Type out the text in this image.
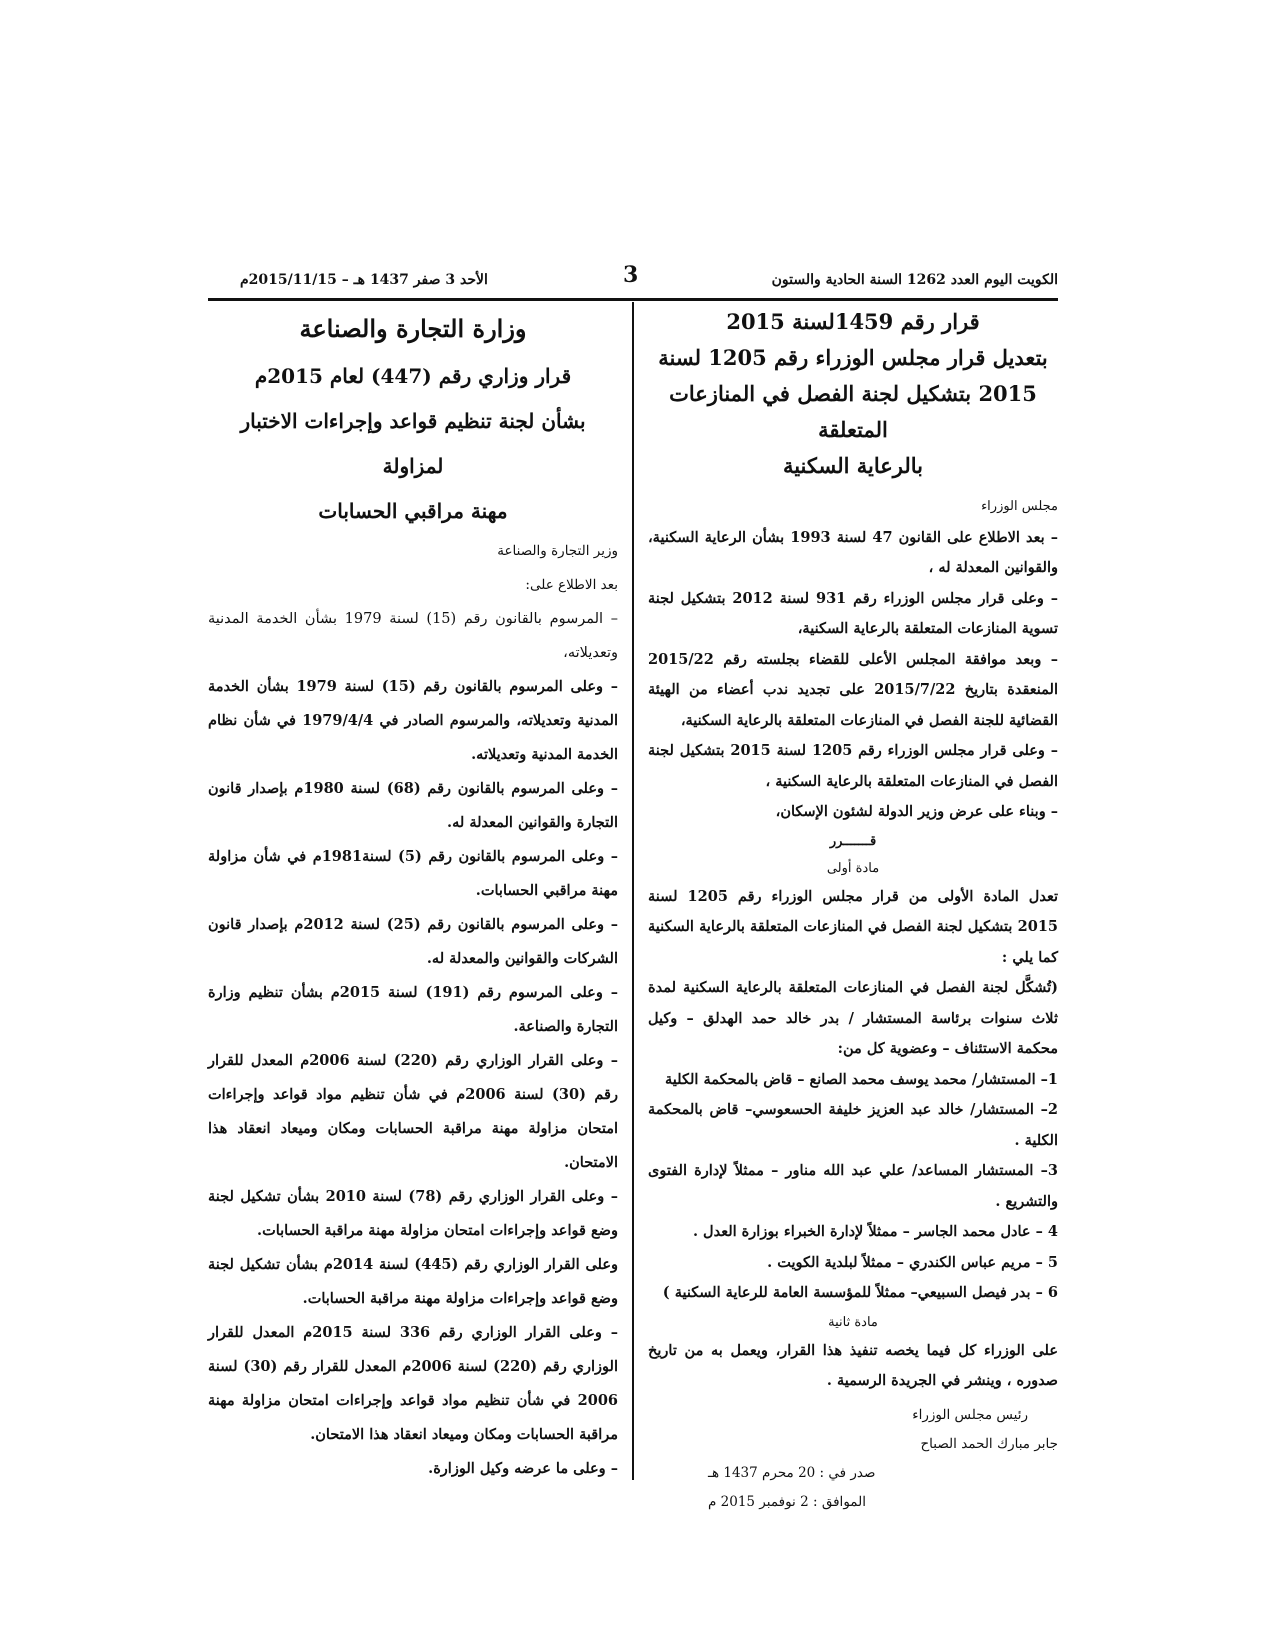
الكويت اليوم العدد 1262 السنة الحادية والستون
3
الأحد 3 صفر 1437 هـ – 2015/11/15م

قرار رقم 1459لسنة 2015

بتعديل قرار مجلس الوزراء رقم 1205 لسنة

2015 بتشكيل لجنة الفصل في المنازعات المتعلقة

بالرعاية السكنية

مجلس الوزراء

– بعد الاطلاع على القانون 47 لسنة 1993 بشأن الرعاية السكنية، والقوانين المعدلة له ،

– وعلى قرار مجلس الوزراء رقم 931 لسنة 2012 بتشكيل لجنة تسوية المنازعات المتعلقة بالرعاية السكنية،

– وبعد موافقة المجلس الأعلى للقضاء بجلسته رقم 2015/22 المنعقدة بتاريخ 2015/7/22 على تجديد ندب أعضاء من الهيئة القضائية للجنة الفصل في المنازعات المتعلقة بالرعاية السكنية،

– وعلى قرار مجلس الوزراء رقم 1205 لسنة 2015 بتشكيل لجنة الفصل في المنازعات المتعلقة بالرعاية السكنية ،

– وبناء على عرض وزير الدولة لشئون الإسكان،

قـــــــرر

مادة أولى

تعدل المادة الأولى من قرار مجلس الوزراء رقم 1205 لسنة 2015 بتشكيل لجنة الفصل في المنازعات المتعلقة بالرعاية السكنية كما يلي :

(تُشكَّل لجنة الفصل في المنازعات المتعلقة بالرعاية السكنية لمدة ثلاث سنوات برئاسة المستشار / بدر خالد حمد الهدلق – وكيل محكمة الاستئناف – وعضوية كل من:

1– المستشار/ محمد يوسف محمد الصانع – قاض بالمحكمة الكلية

2– المستشار/ خالد عبد العزيز خليفة الحسعوسي– قاض بالمحكمة الكلية .

3– المستشار المساعد/ علي عبد الله مناور – ممثلاً لإدارة الفتوى والتشريع .

4 – عادل محمد الجاسر – ممثلاً لإدارة الخبراء بوزارة العدل .

5 – مريم عباس الكندري – ممثلاً لبلدية الكويت .

6 – بدر فيصل السبيعي– ممثلاً للمؤسسة العامة للرعاية السكنية )

مادة ثانية

على الوزراء كل فيما يخصه تنفيذ هذا القرار، ويعمل به من تاريخ صدوره ، وينشر في الجريدة الرسمية .

رئيس مجلس الوزراء

جابر مبارك الحمد الصباح

صدر في : 20 محرم 1437 هـ

الموافق : 2 نوفمبر 2015 م

وزارة التجارة والصناعة

قرار وزاري رقم (447) لعام 2015م

بشأن لجنة تنظيم قواعد وإجراءات الاختبار لمزاولة

مهنة مراقبي الحسابات

وزير التجارة والصناعة

بعد الاطلاع على:

– المرسوم بالقانون رقم (15) لسنة 1979 بشأن الخدمة المدنية وتعديلاته،

– وعلى المرسوم بالقانون رقم (15) لسنة 1979 بشأن الخدمة المدنية وتعديلاته، والمرسوم الصادر في 1979/4/4 في شأن نظام الخدمة المدنية وتعديلاته.

– وعلى المرسوم بالقانون رقم (68) لسنة 1980م بإصدار قانون التجارة والقوانين المعدلة له.

– وعلى المرسوم بالقانون رقم (5) لسنة1981م في شأن مزاولة مهنة مراقبي الحسابات.

– وعلى المرسوم بالقانون رقم (25) لسنة 2012م بإصدار قانون الشركات والقوانين والمعدلة له.

– وعلى المرسوم رقم (191) لسنة 2015م بشأن تنظيم وزارة التجارة والصناعة.

– وعلى القرار الوزاري رقم (220) لسنة 2006م المعدل للقرار رقم (30) لسنة 2006م في شأن تنظيم مواد قواعد وإجراءات امتحان مزاولة مهنة مراقبة الحسابات ومكان وميعاد انعقاد هذا الامتحان.

– وعلى القرار الوزاري رقم (78) لسنة 2010 بشأن تشكيل لجنة وضع قواعد وإجراءات امتحان مزاولة مهنة مراقبة الحسابات.

وعلى القرار الوزاري رقم (445) لسنة 2014م بشأن تشكيل لجنة وضع قواعد وإجراءات مزاولة مهنة مراقبة الحسابات.

– وعلى القرار الوزاري رقم 336 لسنة 2015م المعدل للقرار الوزاري رقم (220) لسنة 2006م المعدل للقرار رقم (30) لسنة 2006 في شأن تنظيم مواد قواعد وإجراءات امتحان مزاولة مهنة مراقبة الحسابات ومكان وميعاد انعقاد هذا الامتحان.

– وعلى ما عرضه وكيل الوزارة.
